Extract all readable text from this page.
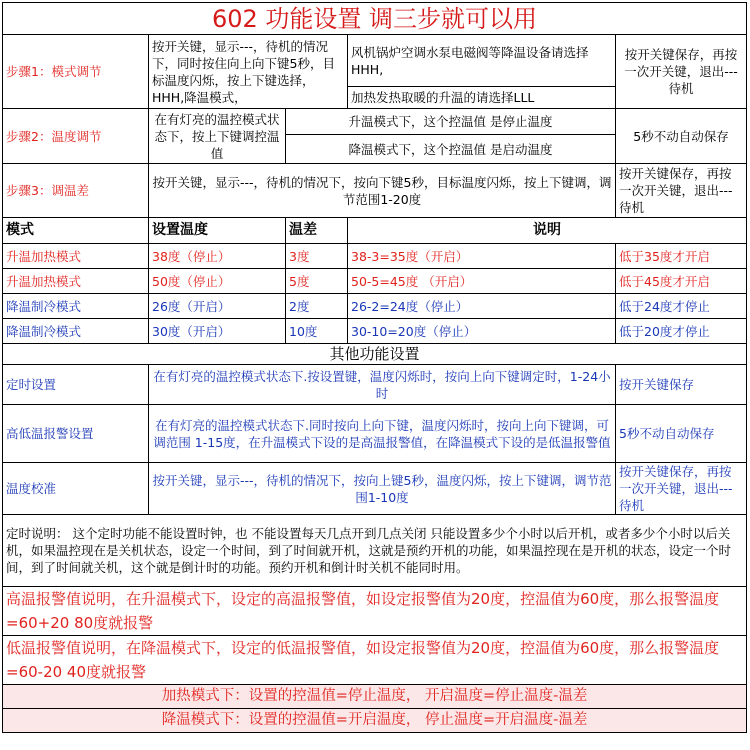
602 功能设置 调三步就可以用				
步骤1：模式调节	按开关键，显示---，待机的情况下，同时按住向上向下键5秒，目标温度闪烁，按上下键选择，HHH,降温模式，		风机锅炉空调水泵电磁阀等降温设备请选择HHH,	按开关键保存，再按一次开关键，退出---待机
			加热发热取暖的升温的请选择LLL	
步骤2：温度调节	在有灯亮的温控模式状态下，按上下键调控温值	升温模式下，这个控温值 是停止温度		5秒不动自动保存
		降温模式下，这个控温值 是启动温度		
步骤3：调温差	按开关键，显示---，待机的情况下，按向下键5秒，目标温度闪烁，按上下键调，调节范围1-20度			按开关键保存，再按一次开关键，退出---待机
模式	设置温度	温差	说明	
升温加热模式	38度（停止）	3度	38-3=35度（开启）	低于35度才开启
升温加热模式	50度（停止）	5度	50-5=45度 （开启）	低于45度才开启
降温制冷模式	26度（开启）	2度	26-2=24度（停止）	低于24度才停止
降温制冷模式	30度（开启）	10度	30-10=20度（停止）	低于20度才停止
其他功能设置				
定时设置	在有灯亮的温控模式状态下.按设置键，温度闪烁时，按向上向下键调定时，1-24小时			按开关键保存
高低温报警设置	在有灯亮的温控模式状态下.同时按向上向下键，温度闪烁时，按向上向下键调，可调范围 1-15度，在升温模式下设的是高温报警值，在降温模式下设的是低温报警值			5秒不动自动保存
温度校准	按开关键，显示---，待机的情况下，按向上键5秒，温度闪烁，按上下键调，调节范围1-10度			按开关键保存，再按一次开关键，退出---待机
定时说明： 这个定时功能不能设置时钟，也 不能设置每天几点开到几点关闭 只能设置多少个小时以后开机，或者多少个小时以后关机，如果温控现在是关机状态，设定一个时间，到了时间就开机，这就是预约开机的功能，如果温控现在是开机的状态，设定一个时间，到了时间就关机，这个就是倒计时的功能。预约开机和倒计时关机不能同时用。				
高温报警值说明，在升温模式下，设定的高温报警值，如设定报警值为20度，控温值为60度，那么报警温度=60+20 80度就报警				
低温报警值说明，在降温模式下，设定的低温报警值，如设定报警值为20度，控温值为60度，那么报警温度=60-20 40度就报警				
加热模式下：设置的控温值=停止温度， 开启温度=停止温度-温差				
降温模式下：设置的控温值=开启温度， 停止温度=开启温度-温差				
